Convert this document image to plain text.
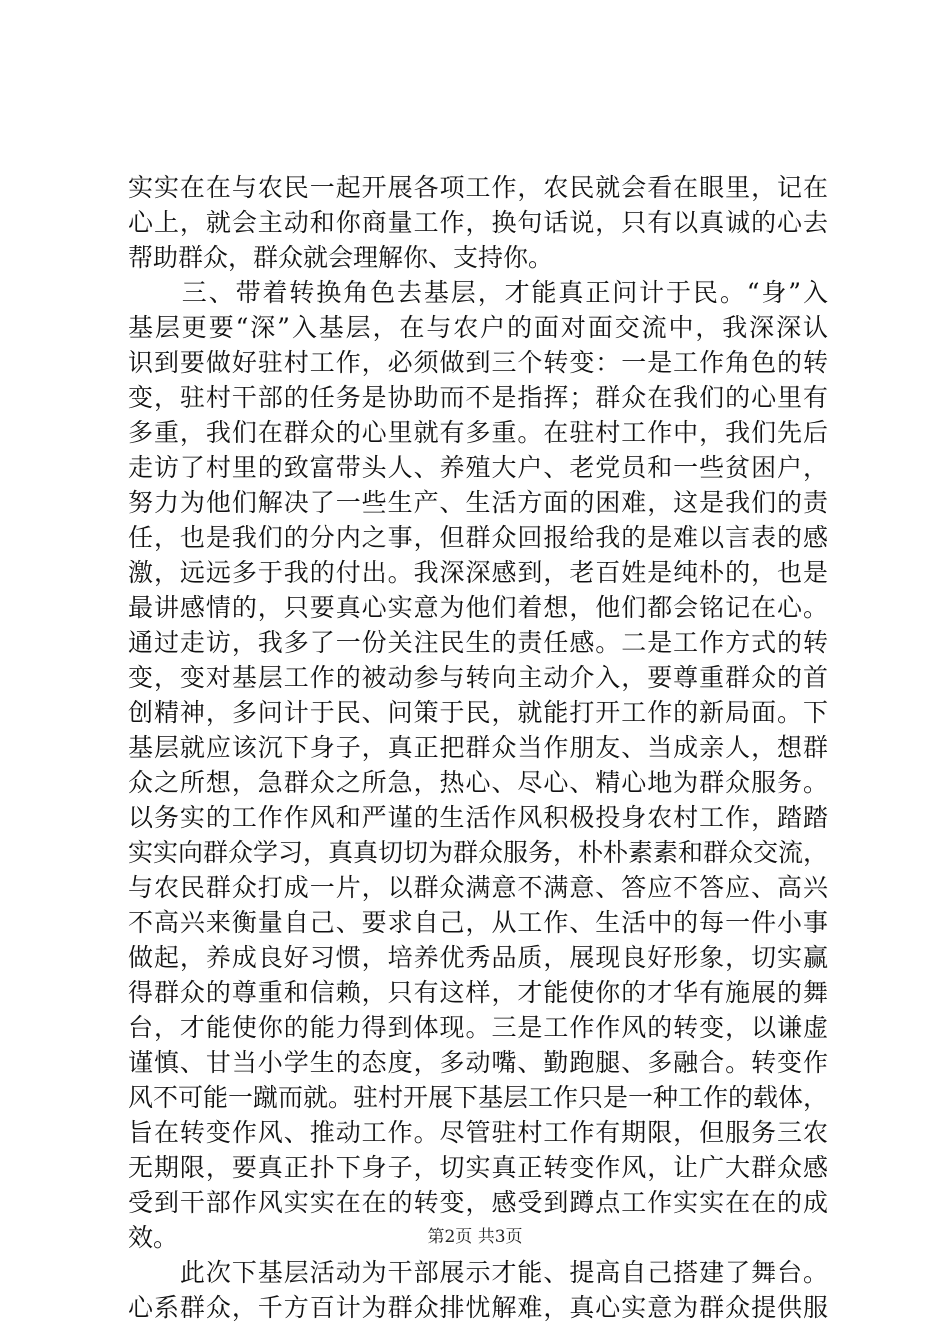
实实在在与农民一起开展各项工作，农民就会看在眼里，记在
心上，就会主动和你商量工作，换句话说，只有以真诚的心去
帮助群众，群众就会理解你、支持你。
　　三、带着转换角色去基层，才能真正问计于民。“身”入
基层更要“深”入基层，在与农户的面对面交流中，我深深认
识到要做好驻村工作，必须做到三个转变：一是工作角色的转
变，驻村干部的任务是协助而不是指挥；群众在我们的心里有
多重，我们在群众的心里就有多重。在驻村工作中，我们先后
走访了村里的致富带头人、养殖大户、老党员和一些贫困户，
努力为他们解决了一些生产、生活方面的困难，这是我们的责
任，也是我们的分内之事，但群众回报给我的是难以言表的感
激，远远多于我的付出。我深深感到，老百姓是纯朴的，也是
最讲感情的，只要真心实意为他们着想，他们都会铭记在心。
通过走访，我多了一份关注民生的责任感。二是工作方式的转
变，变对基层工作的被动参与转向主动介入，要尊重群众的首
创精神，多问计于民、问策于民，就能打开工作的新局面。下
基层就应该沉下身子，真正把群众当作朋友、当成亲人，想群
众之所想，急群众之所急，热心、尽心、精心地为群众服务。
以务实的工作作风和严谨的生活作风积极投身农村工作，踏踏
实实向群众学习，真真切切为群众服务，朴朴素素和群众交流，
与农民群众打成一片，以群众满意不满意、答应不答应、高兴
不高兴来衡量自己、要求自己，从工作、生活中的每一件小事
做起，养成良好习惯，培养优秀品质，展现良好形象，切实赢
得群众的尊重和信赖，只有这样，才能使你的才华有施展的舞
台，才能使你的能力得到体现。三是工作作风的转变，以谦虚
谨慎、甘当小学生的态度，多动嘴、勤跑腿、多融合。转变作
风不可能一蹴而就。驻村开展下基层工作只是一种工作的载体，
旨在转变作风、推动工作。尽管驻村工作有期限，但服务三农
无期限，要真正扑下身子，切实真正转变作风，让广大群众感
受到干部作风实实在在的转变，感受到蹲点工作实实在在的成
效。
　　此次下基层活动为干部展示才能、提高自己搭建了舞台。
心系群众，千方百计为群众排忧解难，真心实意为群众提供服
第2页 共3页
